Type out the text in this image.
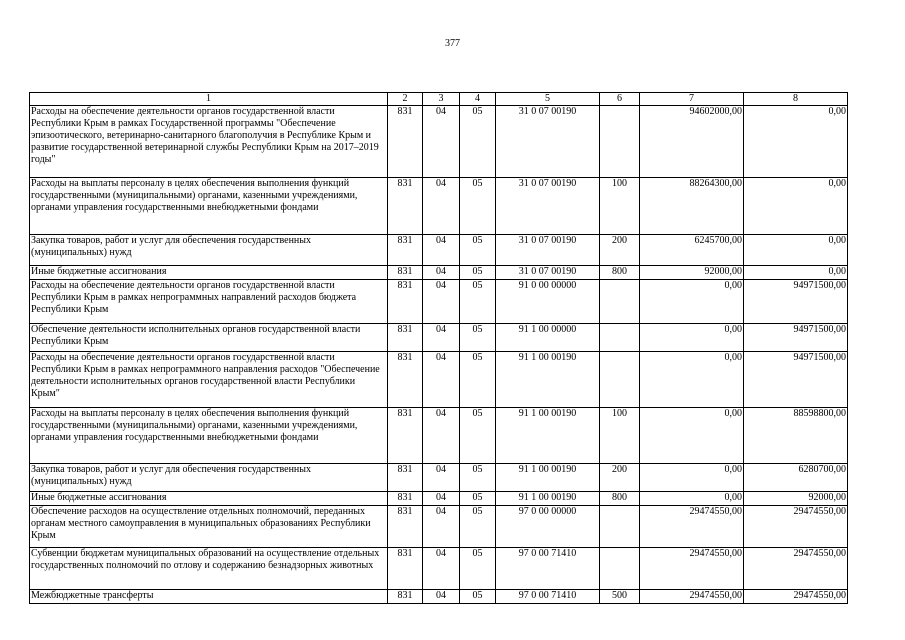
377
1	2	3	4	5	6	7	8
Расходы на обеспечение деятельности органов государственной власти Республики Крым в рамках Государственной программы "Обеспечение эпизоотического, ветеринарно-санитарного благополучия в Республике Крым и развитие государственной ветеринарной службы Республики Крым на 2017–2019 годы"	831	04	05	31 0 07 00190		94602000,00	0,00
Расходы на выплаты персоналу в целях обеспечения выполнения функций государственными (муниципальными) органами, казенными учреждениями, органами управления государственными внебюджетными фондами	831	04	05	31 0 07 00190	100	88264300,00	0,00
Закупка товаров, работ и услуг для обеспечения государственных (муниципальных) нужд	831	04	05	31 0 07 00190	200	6245700,00	0,00
Иные бюджетные ассигнования	831	04	05	31 0 07 00190	800	92000,00	0,00
Расходы на обеспечение деятельности органов государственной власти Республики Крым в рамках непрограммных направлений расходов бюджета Республики Крым	831	04	05	91 0 00 00000		0,00	94971500,00
Обеспечение деятельности исполнительных органов государственной власти Республики Крым	831	04	05	91 1 00 00000		0,00	94971500,00
Расходы на обеспечение деятельности органов государственной власти Республики Крым в рамках непрограммного направления расходов "Обеспечение деятельности исполнительных органов государственной власти Республики Крым"	831	04	05	91 1 00 00190		0,00	94971500,00
Расходы на выплаты персоналу в целях обеспечения выполнения функций государственными (муниципальными) органами, казенными учреждениями, органами управления государственными внебюджетными фондами	831	04	05	91 1 00 00190	100	0,00	88598800,00
Закупка товаров, работ и услуг для обеспечения государственных (муниципальных) нужд	831	04	05	91 1 00 00190	200	0,00	6280700,00
Иные бюджетные ассигнования	831	04	05	91 1 00 00190	800	0,00	92000,00
Обеспечение расходов на осуществление отдельных полномочий, переданных органам местного самоуправления в муниципальных образованиях Республики Крым	831	04	05	97 0 00 00000		29474550,00	29474550,00
Субвенции бюджетам муниципальных образований на осуществление отдельных государственных полномочий по отлову и содержанию безнадзорных животных	831	04	05	97 0 00 71410		29474550,00	29474550,00
Межбюджетные трансферты	831	04	05	97 0 00 71410	500	29474550,00	29474550,00
